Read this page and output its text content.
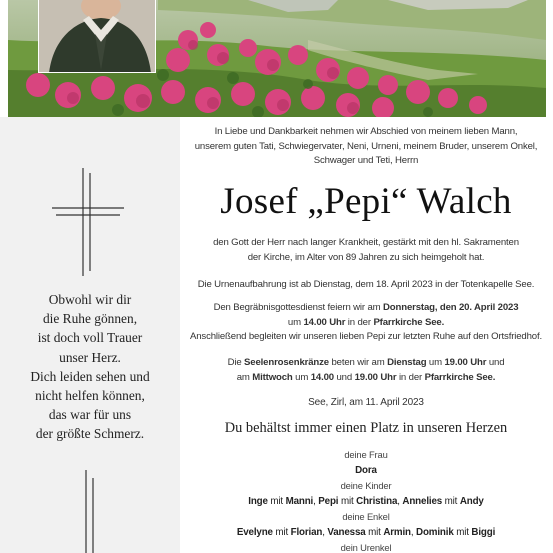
Obwohl wir dir
die Ruhe gönnen,
ist doch voll Trauer
unser Herz.
Dich leiden sehen und
nicht helfen können,
das war für uns
der größte Schmerz.
In Liebe und Dankbarkeit nehmen wir Abschied von meinem lieben Mann,
unserem guten Tati, Schwiegervater, Neni, Urneni, meinem Bruder, unserem Onkel,
Schwager und Teti, Herrn
Josef „Pepi“ Walch
den Gott der Herr nach langer Krankheit, gestärkt mit den hl. Sakramenten
der Kirche, im Alter von 89 Jahren zu sich heimgeholt hat.
Die Urnenaufbahrung ist ab Dienstag, dem 18. April 2023 in der Totenkapelle See.
Den Begräbnisgottesdienst feiern wir am Donnerstag, den 20. April 2023
um 14.00 Uhr in der Pfarrkirche See.
Anschließend begleiten wir unseren lieben Pepi zur letzten Ruhe auf den Ortsfriedhof.
Die Seelenrosenkränze beten wir am Dienstag um 19.00 Uhr und
am Mittwoch um 14.00 und 19.00 Uhr in der Pfarrkirche See.
See, Zirl, am 11. April 2023
Du behältst immer einen Platz in unseren Herzen
deine Frau
Dora
deine Kinder
Inge mit Manni, Pepi mit Christina, Annelies mit Andy
deine Enkel
Evelyne mit Florian, Vanessa mit Armin, Dominik mit Biggi
dein Urenkel
